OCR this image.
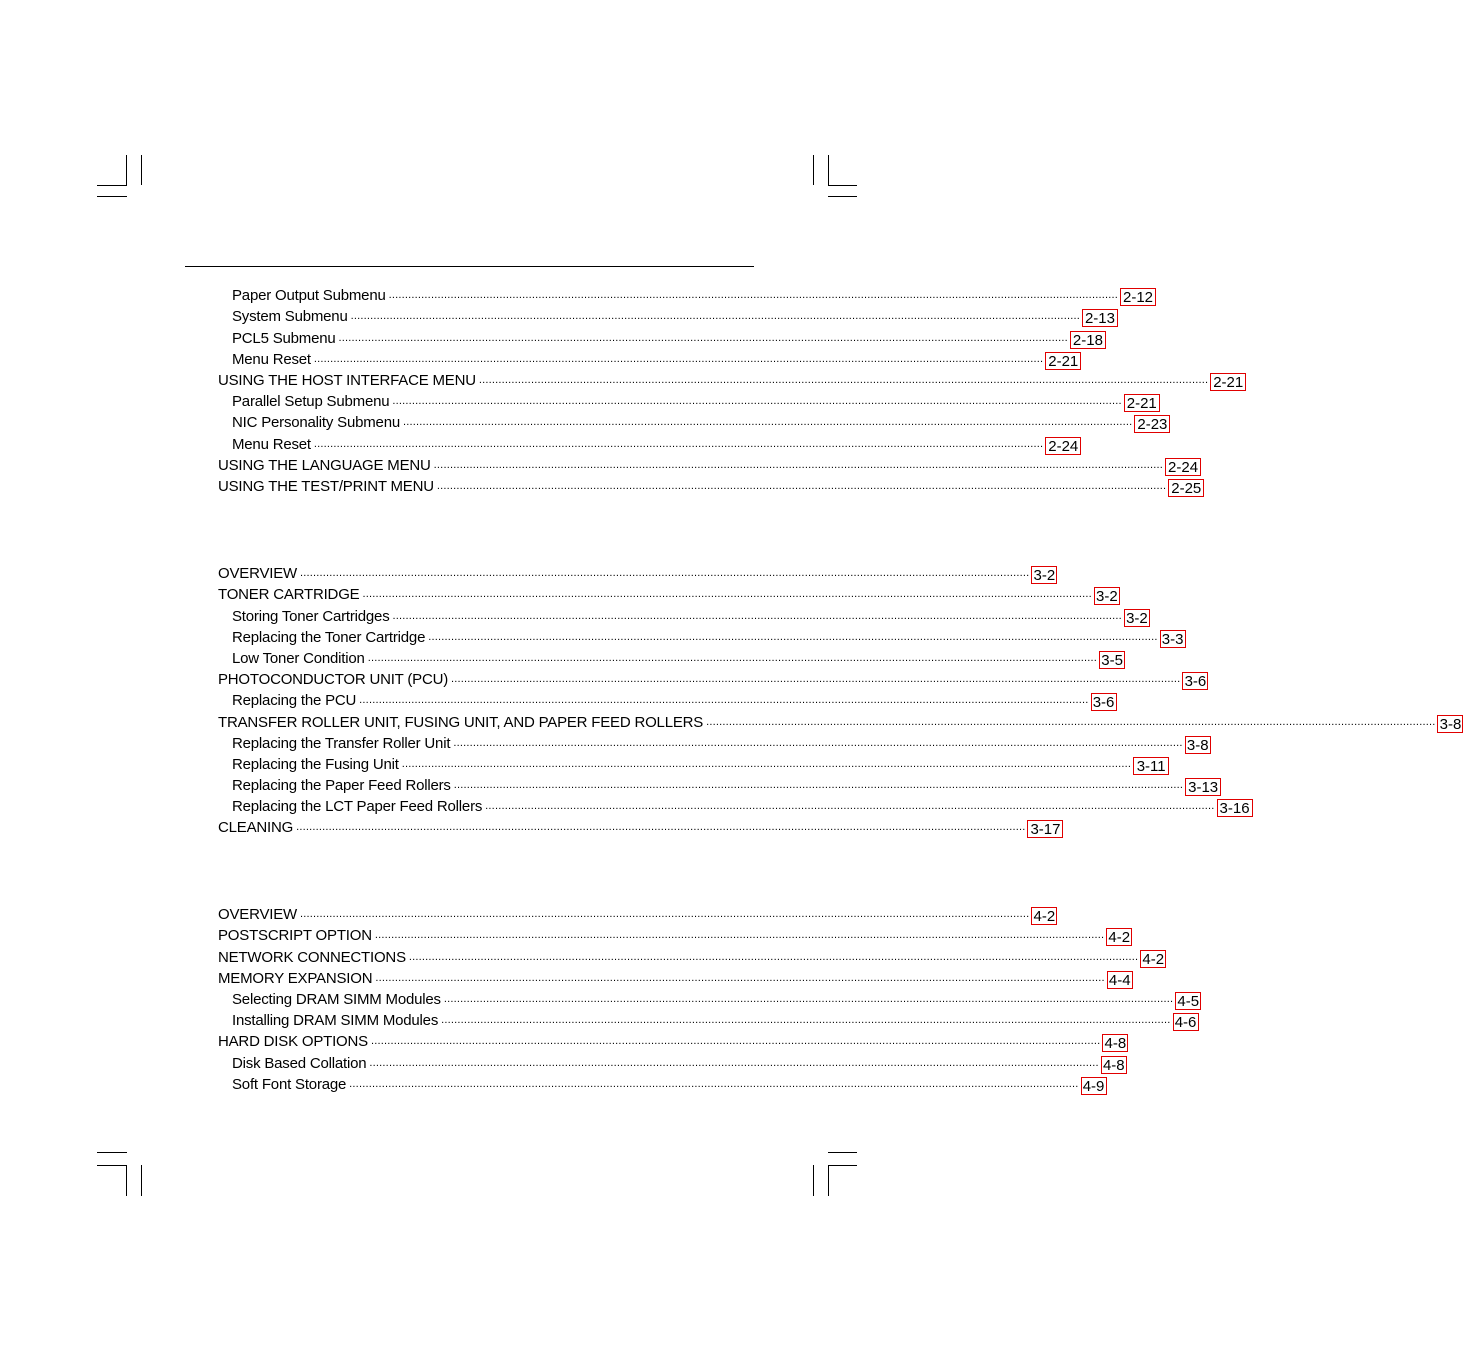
Paper Output Submenu ................................................................................................................................................................................................................................ 2-12
System Submenu ................................................................................................................................................................................................................................ 2-13
PCL5 Submenu ................................................................................................................................................................................................................................ 2-18
Menu Reset ................................................................................................................................................................................................................................ 2-21
USING THE HOST INTERFACE MENU ................................................................................................................................................................................................................................ 2-21
Parallel Setup Submenu ................................................................................................................................................................................................................................ 2-21
NIC Personality Submenu ................................................................................................................................................................................................................................ 2-23
Menu Reset ................................................................................................................................................................................................................................ 2-24
USING THE LANGUAGE MENU ................................................................................................................................................................................................................................ 2-24
USING THE TEST/PRINT MENU ................................................................................................................................................................................................................................ 2-25
OVERVIEW ................................................................................................................................................................................................................................ 3-2
TONER CARTRIDGE ................................................................................................................................................................................................................................ 3-2
Storing Toner Cartridges ................................................................................................................................................................................................................................ 3-2
Replacing the Toner Cartridge ................................................................................................................................................................................................................................ 3-3
Low Toner Condition ................................................................................................................................................................................................................................ 3-5
PHOTOCONDUCTOR UNIT (PCU) ................................................................................................................................................................................................................................ 3-6
Replacing the PCU ................................................................................................................................................................................................................................ 3-6
TRANSFER ROLLER UNIT, FUSING UNIT, AND PAPER FEED ROLLERS ................................................................................................................................................................................................................................ 3-8
Replacing the Transfer Roller Unit ................................................................................................................................................................................................................................ 3-8
Replacing the Fusing Unit ................................................................................................................................................................................................................................ 3-11
Replacing the Paper Feed Rollers ................................................................................................................................................................................................................................ 3-13
Replacing the LCT Paper Feed Rollers ................................................................................................................................................................................................................................ 3-16
CLEANING ................................................................................................................................................................................................................................ 3-17
OVERVIEW ................................................................................................................................................................................................................................ 4-2
POSTSCRIPT OPTION ................................................................................................................................................................................................................................ 4-2
NETWORK CONNECTIONS ................................................................................................................................................................................................................................ 4-2
MEMORY EXPANSION ................................................................................................................................................................................................................................ 4-4
Selecting DRAM SIMM Modules ................................................................................................................................................................................................................................ 4-5
Installing DRAM SIMM Modules ................................................................................................................................................................................................................................ 4-6
HARD DISK OPTIONS ................................................................................................................................................................................................................................ 4-8
Disk Based Collation ................................................................................................................................................................................................................................ 4-8
Soft Font Storage ................................................................................................................................................................................................................................ 4-9
